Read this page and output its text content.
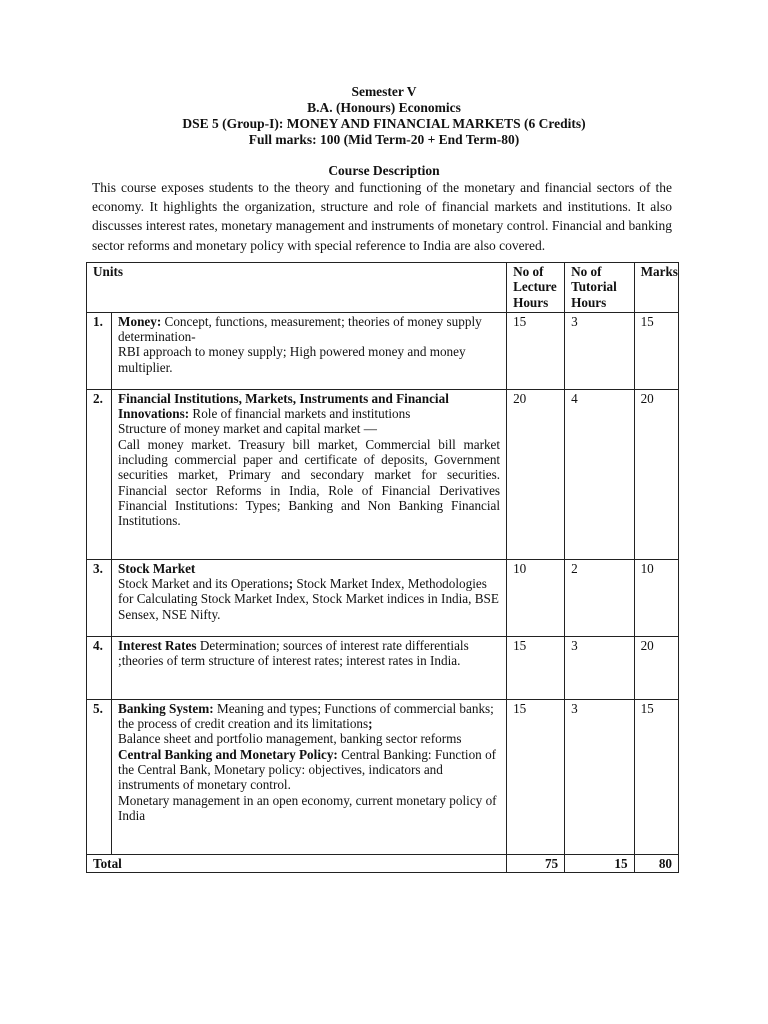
Semester V
B.A. (Honours) Economics
DSE 5 (Group-I): MONEY AND FINANCIAL MARKETS (6 Credits)
Full marks: 100 (Mid Term-20 + End Term-80)
Course Description

This course exposes students to the theory and functioning of the monetary and financial sectors of the economy. It highlights the organization, structure and role of financial markets and institutions. It also discusses interest rates, monetary management and instruments of monetary control. Financial and banking sector reforms and monetary policy with special reference to India are also covered.

Units		No of Lecture Hours	No of Tutorial Hours	Marks
1.	Money: Concept, functions, measurement; theories of money supply determination-
RBI approach to money supply; High powered money and money multiplier.	15	3	15
2.	Financial Institutions, Markets, Instruments and Financial Innovations: Role of financial markets and institutions
Structure of money market and capital market —
Call money market. Treasury bill market, Commercial bill market including commercial paper and certificate of deposits, Government securities market, Primary and secondary market for securities. Financial sector Reforms in India, Role of Financial Derivatives Financial Institutions: Types; Banking and Non Banking Financial Institutions.	20	4	20
3.	Stock Market
Stock Market and its Operations; Stock Market Index, Methodologies for Calculating Stock Market Index, Stock Market indices in India, BSE Sensex, NSE Nifty.	10	2	10
4.	Interest Rates Determination; sources of interest rate differentials ;theories of term structure of interest rates; interest rates in India.	15	3	20
5.	Banking System: Meaning and types; Functions of commercial banks; the process of credit creation and its limitations;
Balance sheet and portfolio management, banking sector reforms
Central Banking and Monetary Policy: Central Banking: Function of the Central Bank, Monetary policy: objectives, indicators and instruments of monetary control.
Monetary management in an open economy, current monetary policy of India	15	3	15
Total		75	15	80
